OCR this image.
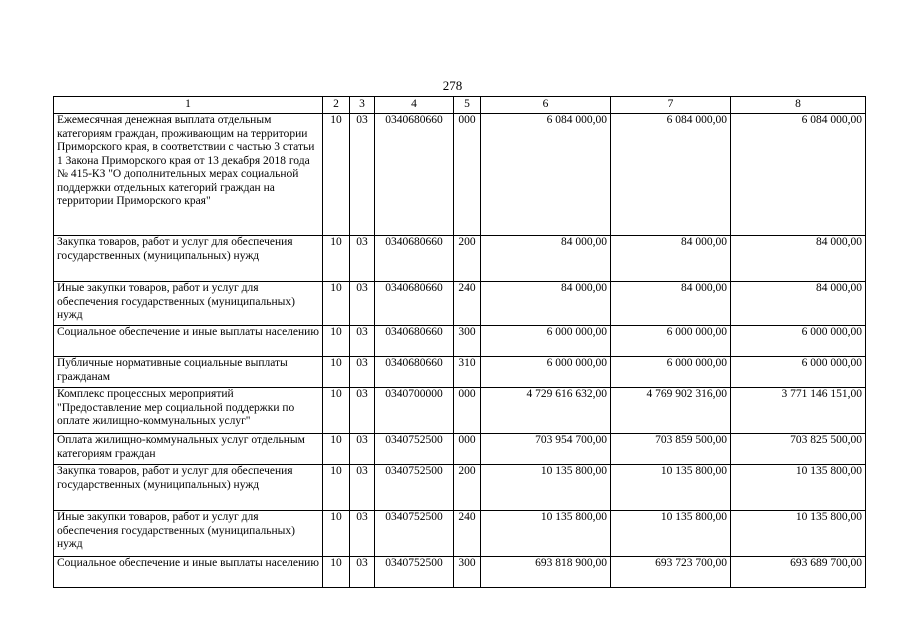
278
1	2	3	4	5	6	7	8
Ежемесячная денежная выплата отдельным категориям граждан, проживающим на территории Приморского края, в соответствии с частью 3 статьи 1 Закона Приморского края от 13 декабря 2018 года № 415-КЗ "О дополнительных мерах социальной поддержки отдельных категорий граждан на территории Приморского края"	10	03	0340680660	000	6 084 000,00	6 084 000,00	6 084 000,00
Закупка товаров, работ и услуг для обеспечения государственных (муниципальных) нужд	10	03	0340680660	200	84 000,00	84 000,00	84 000,00
Иные закупки товаров, работ и услуг для обеспечения государственных (муниципальных) нужд	10	03	0340680660	240	84 000,00	84 000,00	84 000,00
Социальное обеспечение и иные выплаты населению	10	03	0340680660	300	6 000 000,00	6 000 000,00	6 000 000,00
Публичные нормативные социальные выплаты гражданам	10	03	0340680660	310	6 000 000,00	6 000 000,00	6 000 000,00
Комплекс процессных мероприятий "Предоставление мер социальной поддержки по оплате жилищно-коммунальных услуг"	10	03	0340700000	000	4 729 616 632,00	4 769 902 316,00	3 771 146 151,00
Оплата жилищно-коммунальных услуг отдельным категориям граждан	10	03	0340752500	000	703 954 700,00	703 859 500,00	703 825 500,00
Закупка товаров, работ и услуг для обеспечения государственных (муниципальных) нужд	10	03	0340752500	200	10 135 800,00	10 135 800,00	10 135 800,00
Иные закупки товаров, работ и услуг для обеспечения государственных (муниципальных) нужд	10	03	0340752500	240	10 135 800,00	10 135 800,00	10 135 800,00
Социальное обеспечение и иные выплаты населению	10	03	0340752500	300	693 818 900,00	693 723 700,00	693 689 700,00
